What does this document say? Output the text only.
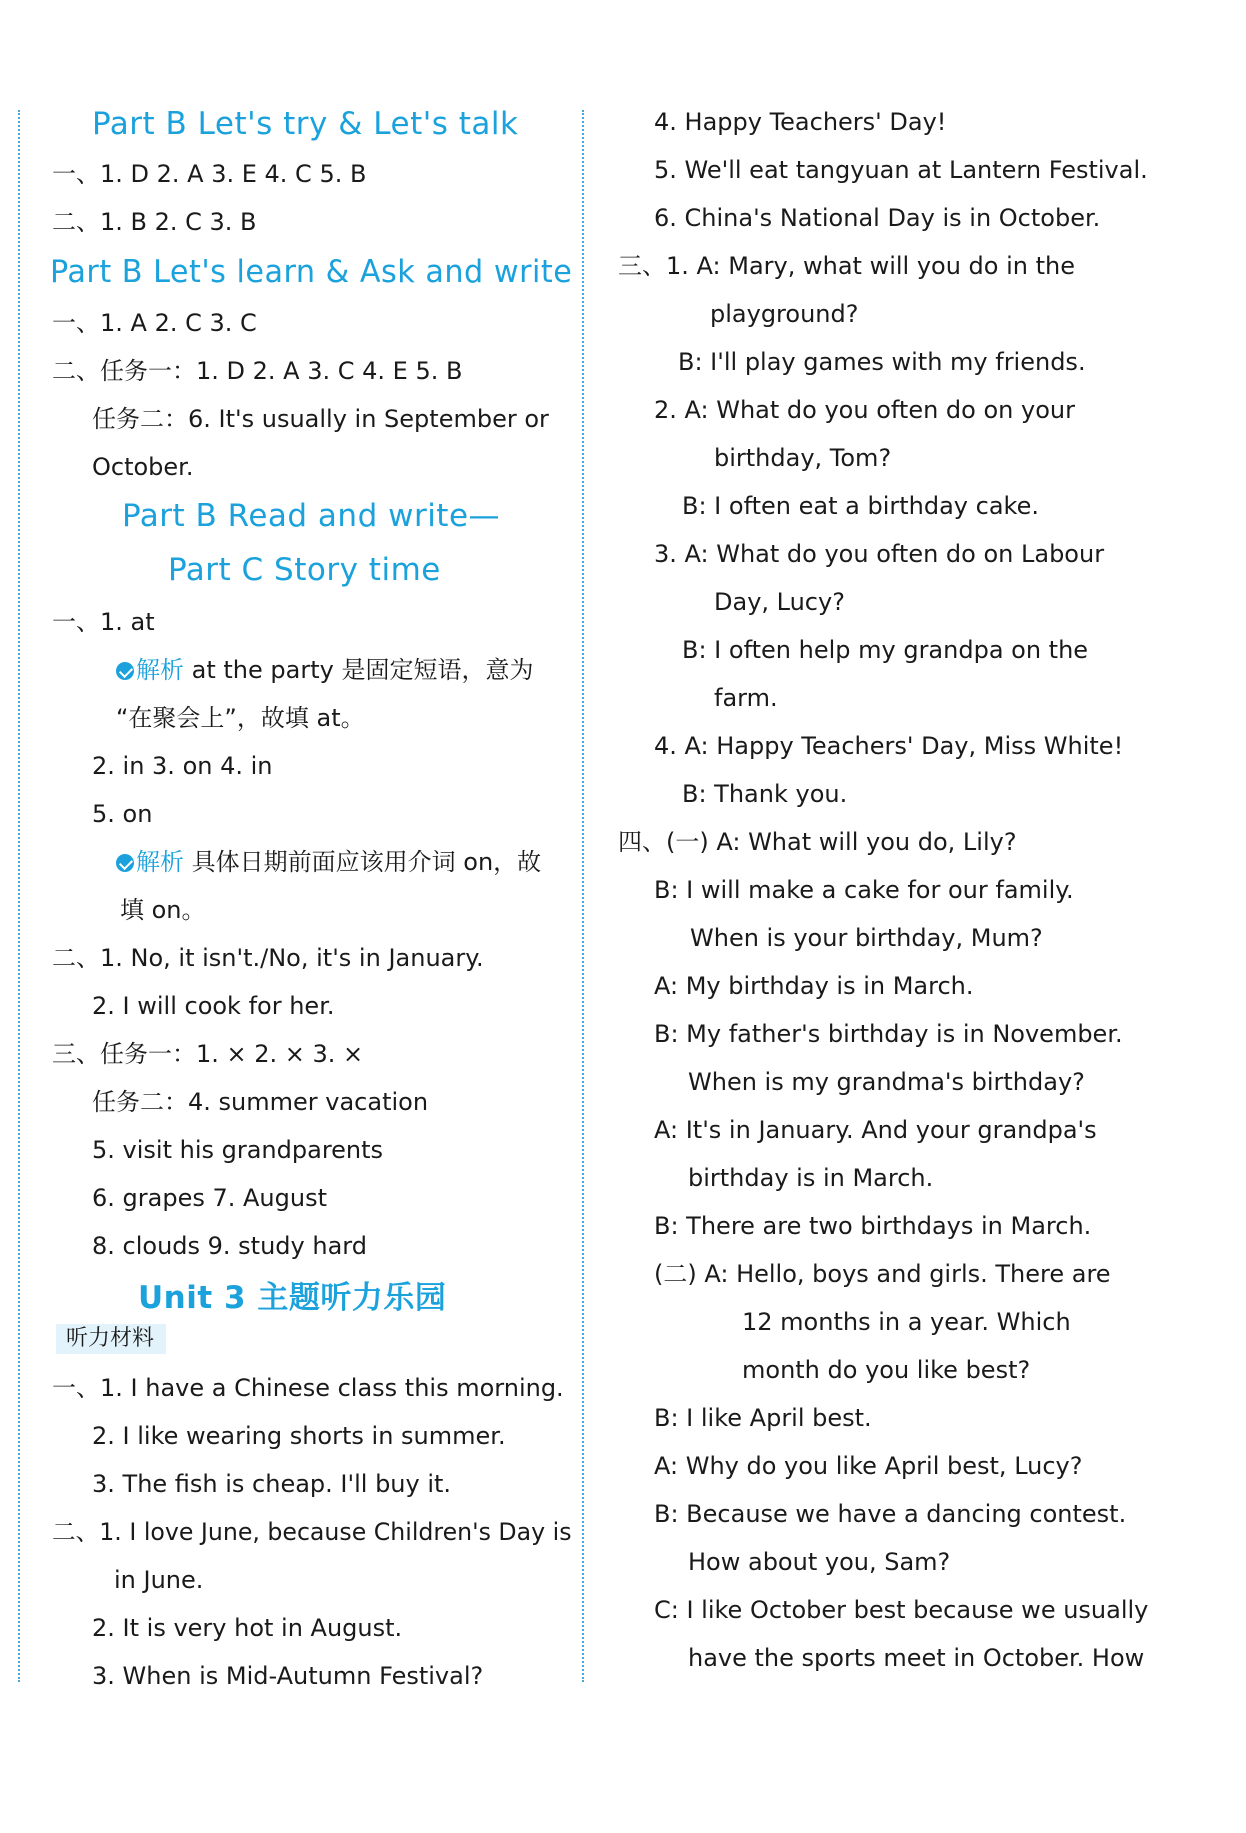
Part B Let's try & Let's talk
一、1. D 2. A 3. E 4. C 5. B
二、1. B 2. C 3. B
Part B Let's learn & Ask and write
一、1. A 2. C 3. C
二、任务一：1. D 2. A 3. C 4. E 5. B
任务二：6. It's usually in September or
October.
Part B Read and write—
Part C Story time
一、1. at
解析 at the party 是固定短语，意为
“在聚会上”，故填 at。
2. in 3. on 4. in
5. on
解析 具体日期前面应该用介词 on，故
填 on。
二、1. No, it isn't./No, it's in January.
2. I will cook for her.
三、任务一：1. × 2. × 3. ×
任务二：4. summer vacation
5. visit his grandparents
6. grapes 7. August
8. clouds 9. study hard
Unit 3 主题听力乐园
听力材料
一、1. I have a Chinese class this morning.
2. I like wearing shorts in summer.
3. The fish is cheap. I'll buy it.
二、1. I love June, because Children's Day is
in June.
2. It is very hot in August.
3. When is Mid-Autumn Festival?
4. Happy Teachers' Day!
5. We'll eat tangyuan at Lantern Festival.
6. China's National Day is in October.
三、1. A: Mary, what will you do in the
playground?
B: I'll play games with my friends.
2. A: What do you often do on your
birthday, Tom?
B: I often eat a birthday cake.
3. A: What do you often do on Labour
Day, Lucy?
B: I often help my grandpa on the
farm.
4. A: Happy Teachers' Day, Miss White!
B: Thank you.
四、(一) A: What will you do, Lily?
B: I will make a cake for our family.
When is your birthday, Mum?
A: My birthday is in March.
B: My father's birthday is in November.
When is my grandma's birthday?
A: It's in January. And your grandpa's
birthday is in March.
B: There are two birthdays in March.
(二) A: Hello, boys and girls. There are
12 months in a year. Which
month do you like best?
B: I like April best.
A: Why do you like April best, Lucy?
B: Because we have a dancing contest.
How about you, Sam?
C: I like October best because we usually
have the sports meet in October. How
